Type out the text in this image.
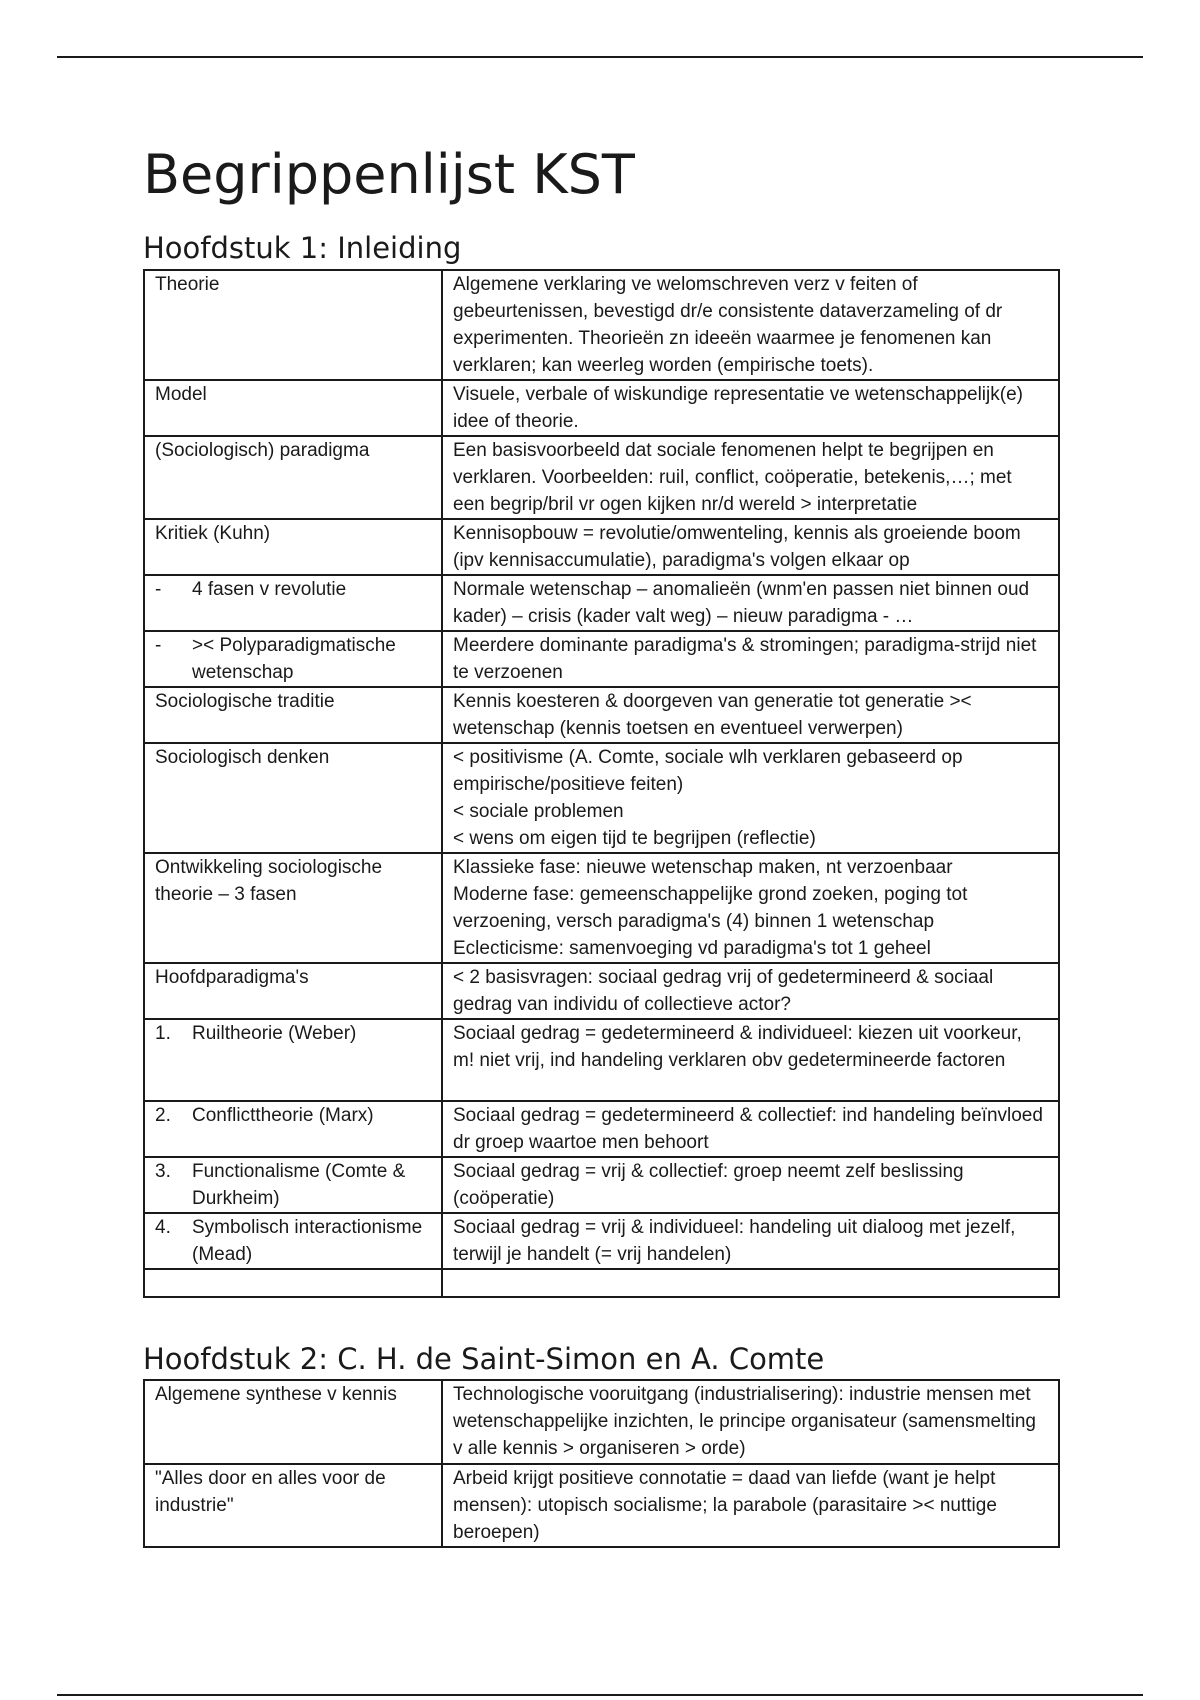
Begrippenlijst KST
Hoofdstuk 1: Inleiding
Theorie	Algemene verklaring ve welomschreven verz v feiten of gebeurtenissen, bevestigd dr/e consistente dataverzameling of dr experimenten. Theorieën zn ideeën waarmee je fenomenen kan verklaren; kan weerleg worden (empirische toets).

Model	Visuele, verbale of wiskundige representatie ve wetenschappelijk(e) idee of theorie.

(Sociologisch) paradigma	Een basisvoorbeeld dat sociale fenomenen helpt te begrijpen en verklaren. Voorbeelden: ruil, conflict, coöperatie, betekenis,…; met een begrip/bril vr ogen kijken nr/d wereld > interpretatie

Kritiek (Kuhn)	Kennisopbouw = revolutie/omwenteling, kennis als groeiende boom (ipv kennisaccumulatie), paradigma's volgen elkaar op

- 4 fasen v revolutie	Normale wetenschap – anomalieën (wnm'en passen niet binnen oud kader) – crisis (kader valt weg) – nieuw paradigma - …

- >< Polyparadigmatische wetenschap	Meerdere dominante paradigma's & stromingen; paradigma-strijd niet te verzoenen

Sociologische traditie	Kennis koesteren & doorgeven van generatie tot generatie >< wetenschap (kennis toetsen en eventueel verwerpen)

Sociologisch denken	< positivisme (A. Comte, sociale wlh verklaren gebaseerd op empirische/positieve feiten)
< sociale problemen
< wens om eigen tijd te begrijpen (reflectie)

Ontwikkeling sociologische theorie – 3 fasen	Klassieke fase: nieuwe wetenschap maken, nt verzoenbaar
Moderne fase: gemeenschappelijke grond zoeken, poging tot verzoening, versch paradigma's (4) binnen 1 wetenschap
Eclecticisme: samenvoeging vd paradigma's tot 1 geheel

Hoofdparadigma's	< 2 basisvragen: sociaal gedrag vrij of gedetermineerd & sociaal gedrag van individu of collectieve actor?

1. Ruiltheorie (Weber)	Sociaal gedrag = gedetermineerd & individueel: kiezen uit voorkeur, m! niet vrij, ind handeling verklaren obv gedetermineerde factoren

2. Conflicttheorie (Marx)	Sociaal gedrag = gedetermineerd & collectief: ind handeling beïnvloed dr groep waartoe men behoort

3. Functionalisme (Comte & Durkheim)	Sociaal gedrag = vrij & collectief: groep neemt zelf beslissing (coöperatie)

4. Symbolisch interactionisme (Mead)	Sociaal gedrag = vrij & individueel: handeling uit dialoog met jezelf, terwijl je handelt (= vrij handelen)

Hoofdstuk 2: C. H. de Saint-Simon en A. Comte
Algemene synthese v kennis	Technologische vooruitgang (industrialisering): industrie mensen met wetenschappelijke inzichten, le principe organisateur (samensmelting v alle kennis > organiseren > orde)

"Alles door en alles voor de industrie"	Arbeid krijgt positieve connotatie = daad van liefde (want je helpt mensen): utopisch socialisme; la parabole (parasitaire >< nuttige beroepen)
